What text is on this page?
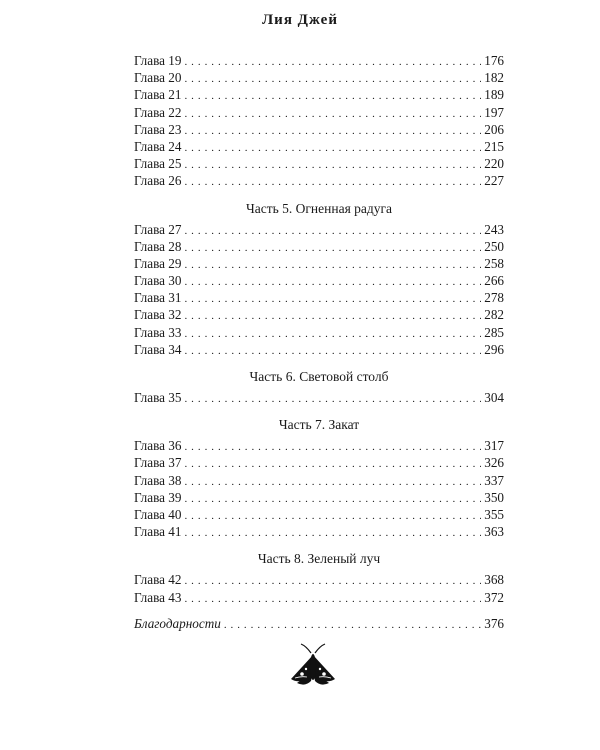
Лия Джей
Глава 19 . . .	176
Глава 20 . . .	182
Глава 21 . . .	189
Глава 22 . . .	197
Глава 23 . . .	206
Глава 24 . . .	215
Глава 25 . . .	220
Глава 26 . . .	227
Часть 5. Огненная радуга
Глава 27 . . .	243
Глава 28 . . .	250
Глава 29 . . .	258
Глава 30 . . .	266
Глава 31 . . .	278
Глава 32 . . .	282
Глава 33 . . .	285
Глава 34 . . .	296
Часть 6. Световой столб
Глава 35 . . .	304
Часть 7. Закат
Глава 36 . . .	317
Глава 37 . . .	326
Глава 38 . . .	337
Глава 39 . . .	350
Глава 40 . . .	355
Глава 41 . . .	363
Часть 8. Зеленый луч
Глава 42 . . .	368
Глава 43 . . .	372
Благодарности . . .	376
